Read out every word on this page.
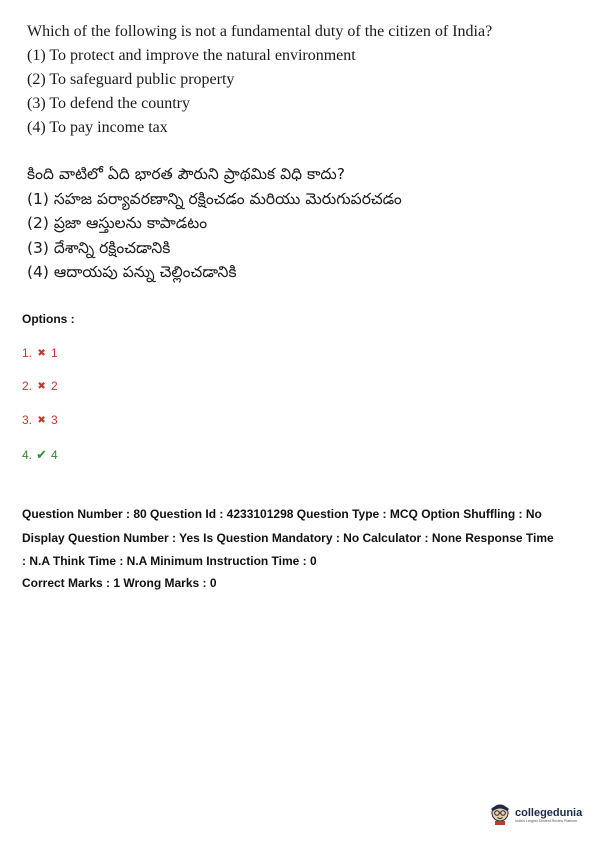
Which of the following is not a fundamental duty of the citizen of India?
(1) To protect and improve the natural environment
(2) To safeguard public property
(3) To defend the country
(4) To pay income tax
కింది వాటిలో ఏది భారత పౌరుని ప్రాథమిక విధి కాదు?
(1) సహజ పర్యావరణాన్ని రక్షించడం మరియు మెరుగుపరచడం
(2) ప్రజా ఆస్తులను కాపాడటం
(3) దేశాన్ని రక్షించడానికి
(4) ఆదాయపు పన్ను చెల్లించడానికి
Options :
1. ✖ 1
2. ✖ 2
3. ✖ 3
4. ✔ 4
Question Number : 80 Question Id : 4233101298 Question Type : MCQ Option Shuffling : No
Display Question Number : Yes Is Question Mandatory : No Calculator : None Response Time
: N.A Think Time : N.A Minimum Instruction Time : 0
Correct Marks : 1 Wrong Marks : 0
collegedunia
India's Largest Student Review Platform
